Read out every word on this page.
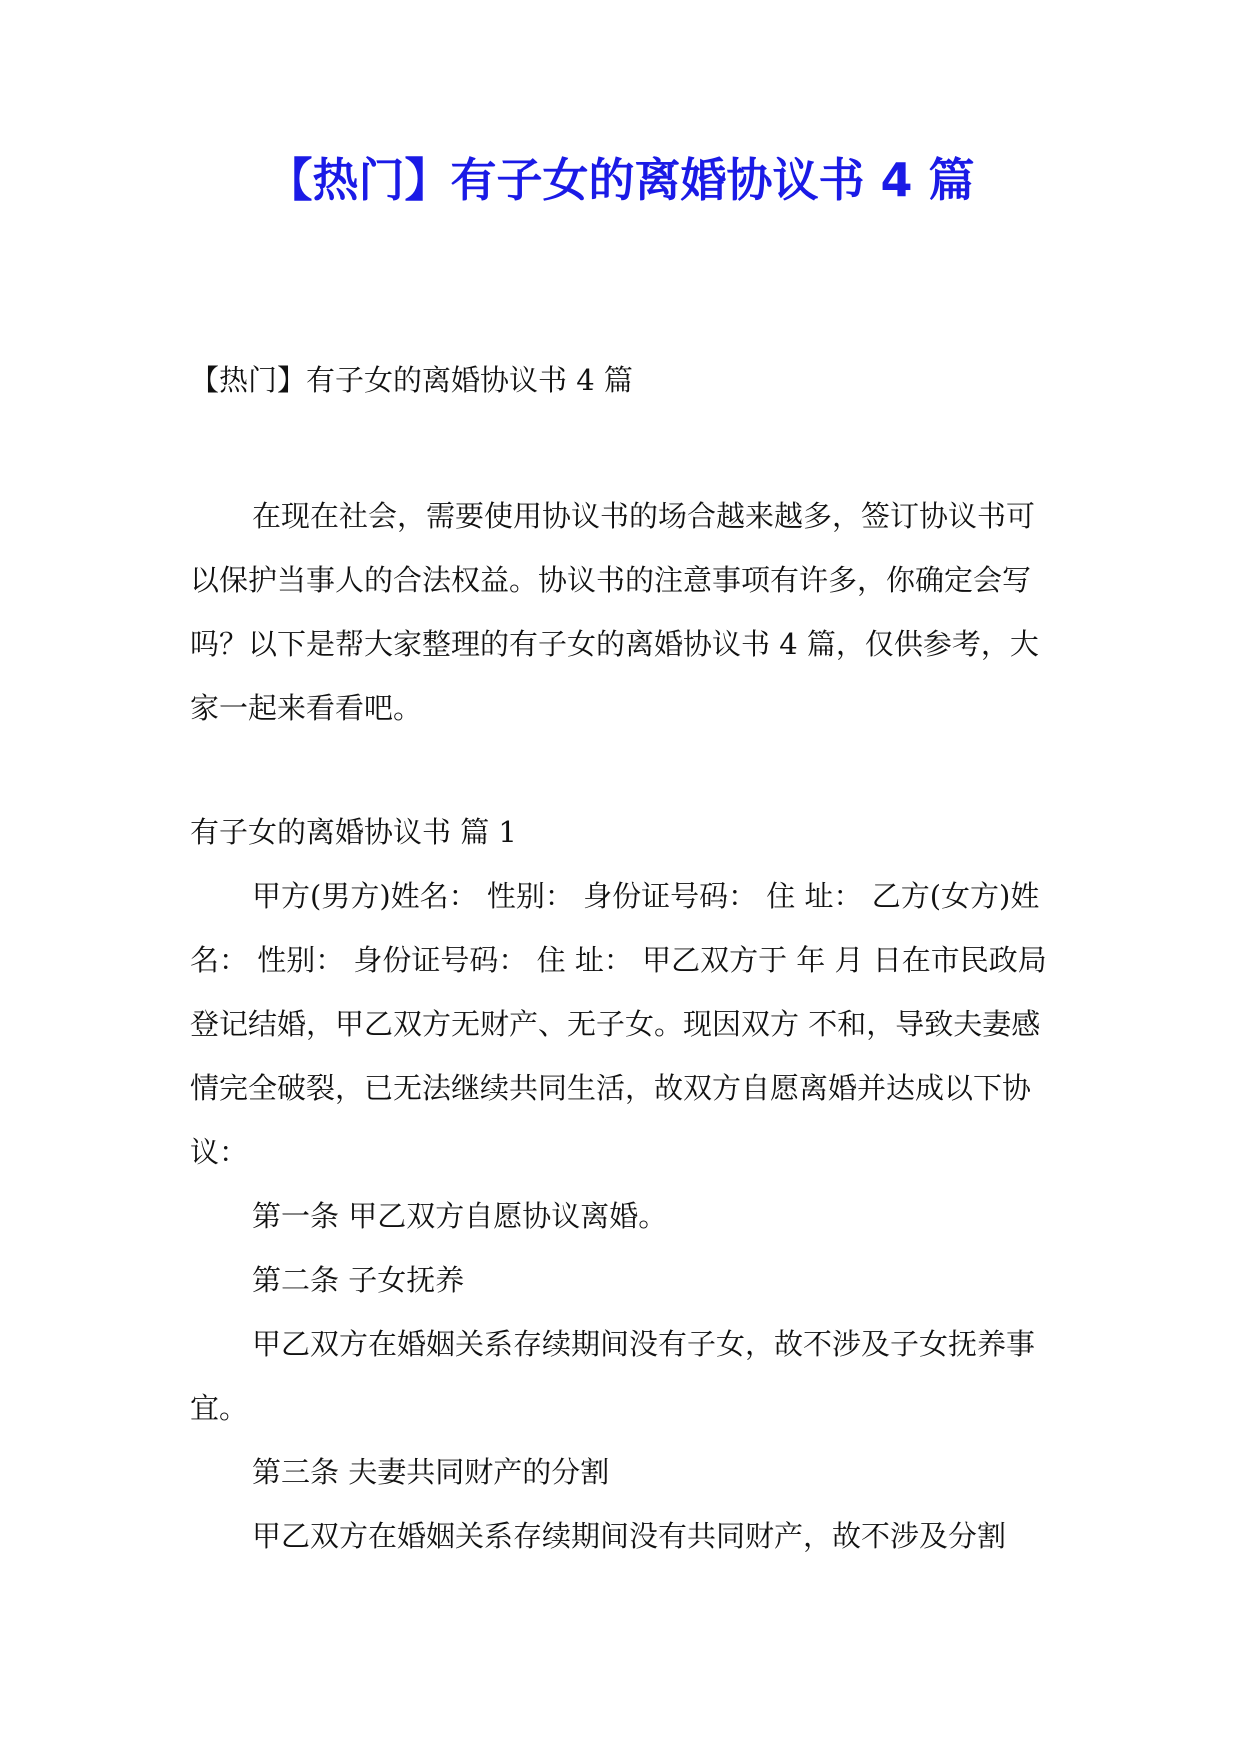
【热门】有子女的离婚协议书 4 篇

【热门】有子女的离婚协议书 4 篇

在现在社会，需要使用协议书的场合越来越多，签订协议书可以保护当事人的合法权益。协议书的注意事项有许多，你确定会写吗？以下是帮大家整理的有子女的离婚协议书 4 篇，仅供参考，大家一起来看看吧。

有子女的离婚协议书 篇 1

甲方(男方)姓名： 性别： 身份证号码： 住 址： 乙方(女方)姓名： 性别： 身份证号码： 住 址： 甲乙双方于 年 月 日在市民政局登记结婚，甲乙双方无财产、无子女。现因双方 不和，导致夫妻感情完全破裂，已无法继续共同生活，故双方自愿离婚并达成以下协议：

第一条 甲乙双方自愿协议离婚。

第二条 子女抚养

甲乙双方在婚姻关系存续期间没有子女，故不涉及子女抚养事宜。

第三条 夫妻共同财产的分割

甲乙双方在婚姻关系存续期间没有共同财产，故不涉及分割
